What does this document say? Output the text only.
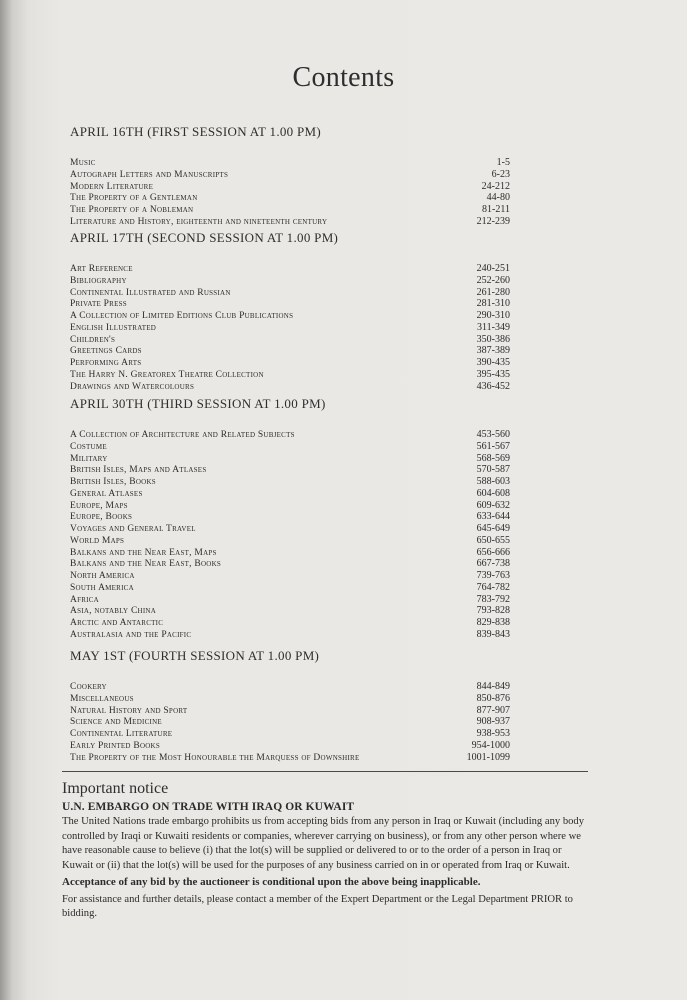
Contents
APRIL 16TH (FIRST SESSION AT 1.00 PM)
Music	1-5
Autograph Letters and Manuscripts	6-23
Modern Literature	24-212
The Property of a Gentleman	44-80
The Property of a Nobleman	81-211
Literature and History, eighteenth and nineteenth century	212-239
APRIL 17TH (SECOND SESSION AT 1.00 PM)
Art Reference	240-251
Bibliography	252-260
Continental Illustrated and Russian	261-280
Private Press	281-310
A Collection of Limited Editions Club Publications	290-310
English Illustrated	311-349
Children's	350-386
Greetings Cards	387-389
Performing Arts	390-435
The Harry N. Greatorex Theatre Collection	395-435
Drawings and Watercolours	436-452
APRIL 30TH (THIRD SESSION AT 1.00 PM)
A Collection of Architecture and Related Subjects	453-560
Costume	561-567
Military	568-569
British Isles, Maps and Atlases	570-587
British Isles, Books	588-603
General Atlases	604-608
Europe, Maps	609-632
Europe, Books	633-644
Voyages and General Travel	645-649
World Maps	650-655
Balkans and the Near East, Maps	656-666
Balkans and the Near East, Books	667-738
North America	739-763
South America	764-782
Africa	783-792
Asia, notably China	793-828
Arctic and Antarctic	829-838
Australasia and the Pacific	839-843
MAY 1ST (FOURTH SESSION AT 1.00 PM)
Cookery	844-849
Miscellaneous	850-876
Natural History and Sport	877-907
Science and Medicine	908-937
Continental Literature	938-953
Early Printed Books	954-1000
The Property of the Most Honourable the Marquess of Downshire	1001-1099
Important notice
U.N. EMBARGO ON TRADE WITH IRAQ OR KUWAIT

The United Nations trade embargo prohibits us from accepting bids from any person in Iraq or Kuwait (including any body controlled by Iraqi or Kuwaiti residents or companies, wherever carrying on business), or from any other person where we have reasonable cause to believe (i) that the lot(s) will be supplied or delivered to or to the order of a person in Iraq or Kuwait or (ii) that the lot(s) will be used for the purposes of any business carried on in or operated from Iraq or Kuwait.

Acceptance of any bid by the auctioneer is conditional upon the above being inapplicable.

For assistance and further details, please contact a member of the Expert Department or the Legal Department PRIOR to bidding.
